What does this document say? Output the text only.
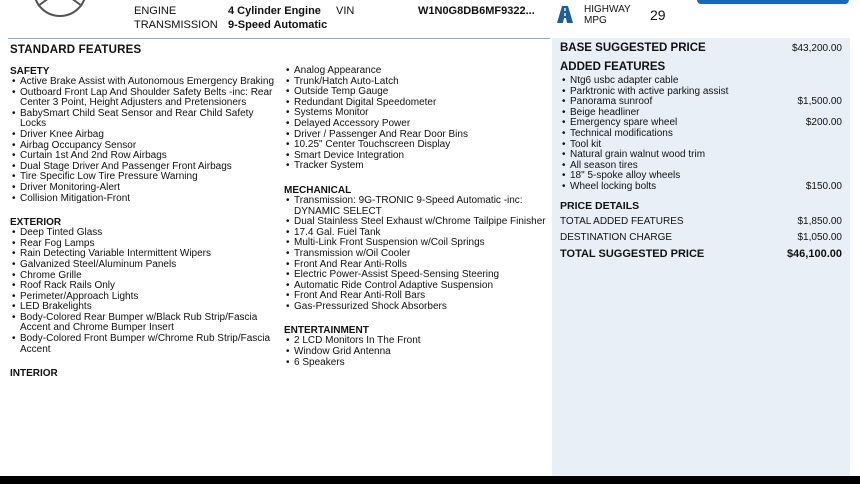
ENGINE	4 Cylinder Engine
TRANSMISSION 9-Speed Automatic
VIN	W1N0G8DB6MF9322...	HIGHWAY MPG	29
STANDARD FEATURES
SAFETY
• Active Brake Assist with Autonomous Emergency Braking
• Outboard Front Lap And Shoulder Safety Belts -inc: Rear Center 3 Point, Height Adjusters and Pretensioners
• BabySmart Child Seat Sensor and Rear Child Safety Locks
• Driver Knee Airbag
• Airbag Occupancy Sensor
• Curtain 1st And 2nd Row Airbags
• Dual Stage Driver And Passenger Front Airbags
• Tire Specific Low Tire Pressure Warning
• Driver Monitoring-Alert
• Collision Mitigation-Front
EXTERIOR
• Deep Tinted Glass
• Rear Fog Lamps
• Rain Detecting Variable Intermittent Wipers
• Galvanized Steel/Aluminum Panels
• Chrome Grille
• Roof Rack Rails Only
• Perimeter/Approach Lights
• LED Brakelights
• Body-Colored Rear Bumper w/Black Rub Strip/Fascia Accent and Chrome Bumper Insert
• Body-Colored Front Bumper w/Chrome Rub Strip/Fascia Accent
INTERIOR
• Analog Appearance
• Trunk/Hatch Auto-Latch
• Outside Temp Gauge
• Redundant Digital Speedometer
• Systems Monitor
• Delayed Accessory Power
• Driver / Passenger And Rear Door Bins
• 10.25" Center Touchscreen Display
• Smart Device Integration
• Tracker System
MECHANICAL
• Transmission: 9G-TRONIC 9-Speed Automatic -inc: DYNAMIC SELECT
• Dual Stainless Steel Exhaust w/Chrome Tailpipe Finisher
• 17.4 Gal. Fuel Tank
• Multi-Link Front Suspension w/Coil Springs
• Transmission w/Oil Cooler
• Front And Rear Anti-Rolls
• Electric Power-Assist Speed-Sensing Steering
• Automatic Ride Control Adaptive Suspension
• Front And Rear Anti-Roll Bars
• Gas-Pressurized Shock Absorbers
ENTERTAINMENT
• 2 LCD Monitors In The Front
• Window Grid Antenna
• 6 Speakers
BASE SUGGESTED PRICE	$43,200.00
ADDED FEATURES
• Ntg6 usbc adapter cable
• Parktronic with active parking assist
• Panorama sunroof	$1,500.00
• Beige headliner
• Emergency spare wheel	$200.00
• Technical modifications
• Tool kit
• Natural grain walnut wood trim
• All season tires
• 18" 5-spoke alloy wheels
• Wheel locking bolts	$150.00
PRICE DETAILS
TOTAL ADDED FEATURES	$1,850.00
DESTINATION CHARGE	$1,050.00
TOTAL SUGGESTED PRICE	$46,100.00
